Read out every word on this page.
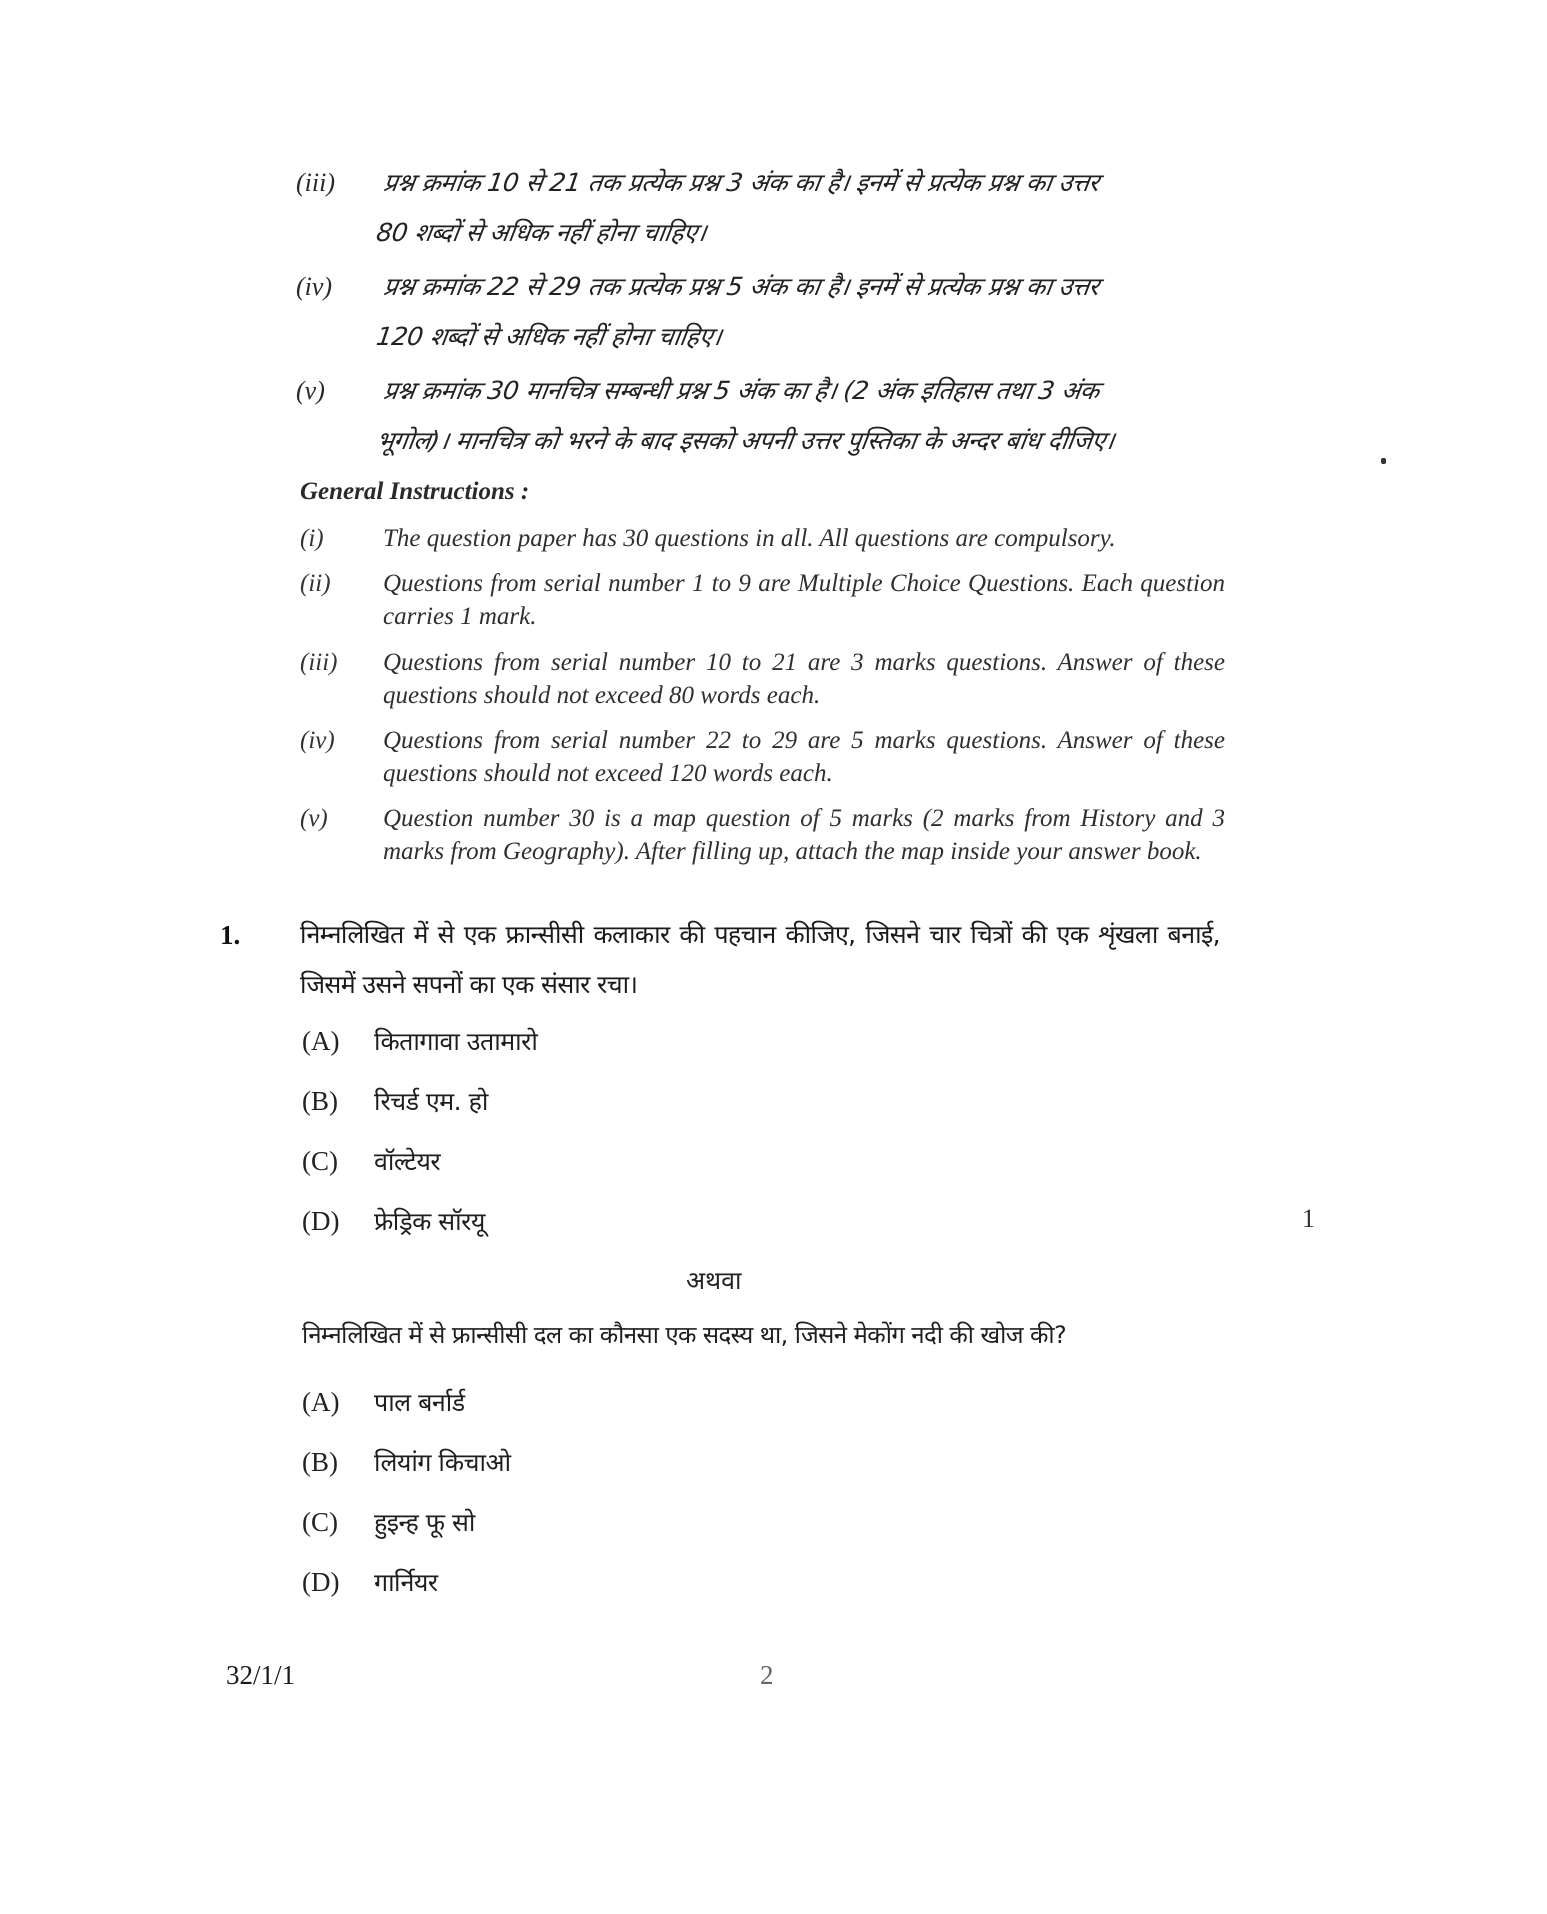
(iii)	प्रश्न क्रमांक 10 से 21 तक प्रत्येक प्रश्न 3 अंक का है। इनमें से प्रत्येक प्रश्न का उत्तर
80 शब्दों से अधिक नहीं होना चाहिए।
(iv)	प्रश्न क्रमांक 22 से 29 तक प्रत्येक प्रश्न 5 अंक का है। इनमें से प्रत्येक प्रश्न का उत्तर
120 शब्दों से अधिक नहीं होना चाहिए।
(v)	प्रश्न क्रमांक 30 मानचित्र सम्बन्धी प्रश्न 5 अंक का है। (2 अंक इतिहास तथा 3 अंक
भूगोल)। मानचित्र को भरने के बाद इसको अपनी उत्तर पुस्तिका के अन्दर बांध दीजिए।
General Instructions :
(i)	The question paper has 30 questions in all. All questions are compulsory.
(ii)	Questions from serial number 1 to 9 are Multiple Choice Questions. Each question carries 1 mark.
(iii)	Questions from serial number 10 to 21 are 3 marks questions. Answer of these questions should not exceed 80 words each.
(iv)	Questions from serial number 22 to 29 are 5 marks questions. Answer of these questions should not exceed 120 words each.
(v)	Question number 30 is a map question of 5 marks (2 marks from History and 3 marks from Geography). After filling up, attach the map inside your answer book.
1.	निम्नलिखित में से एक फ्रान्सीसी कलाकार की पहचान कीजिए, जिसने चार चित्रों की एक शृंखला बनाई, जिसमें उसने सपनों का एक संसार रचा।
(A)	कितागावा उतामारो
(B)	रिचर्ड एम. हो
(C)	वॉल्टेयर
(D)	फ्रेड्रिक सॉरयू	1
अथवा
निम्नलिखित में से फ्रान्सीसी दल का कौनसा एक सदस्य था, जिसने मेकोंग नदी की खोज की?
(A)	पाल बर्नार्ड
(B)	लियांग किचाओ
(C)	हुइन्ह फू सो
(D)	गार्नियर
32/1/1	2
